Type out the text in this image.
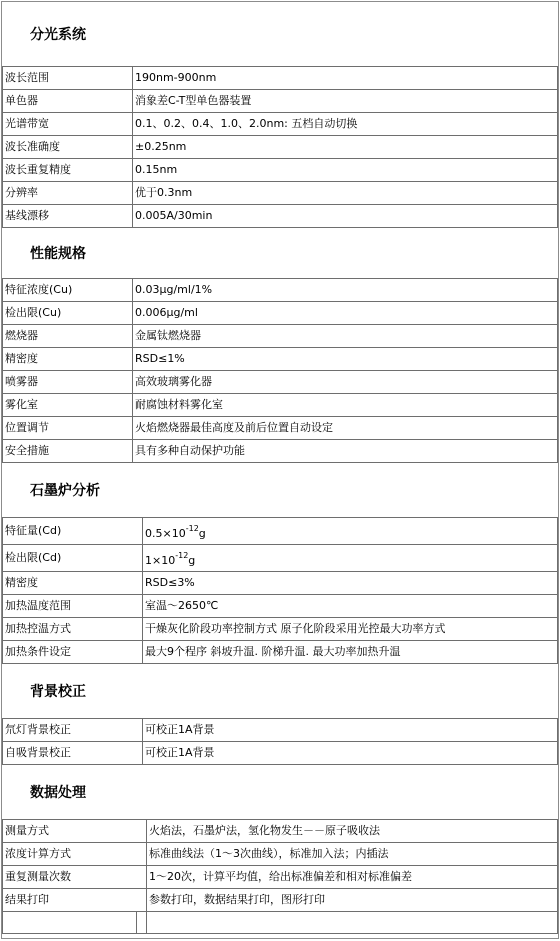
分光系统
波长范围	190nm-900nm
单色器	消象差C-T型单色器装置
光谱带宽	0.1、0.2、0.4、1.0、2.0nm: 五档自动切换
波长准确度	±0.25nm
波长重复精度	0.15nm
分辨率	优于0.3nm
基线漂移	0.005A/30min
性能规格
特征浓度(Cu)	0.03μg/ml/1%
检出限(Cu)	0.006μg/ml
燃烧器	金属钛燃烧器
精密度	RSD≤1%
喷雾器	高效玻璃雾化器
雾化室	耐腐蚀材料雾化室
位置调节	火焰燃烧器最佳高度及前后位置自动设定
安全措施	具有多种自动保护功能
石墨炉分析
特征量(Cd)	$0.5\times 10^{-12}g$
检出限(Cd)	$1\times 10^{-12}g$
精密度	RSD≤3%
加热温度范围	室温～2650℃
加热控温方式	干燥灰化阶段功率控制方式 原子化阶段采用光控最大功率方式
加热条件设定	最大9个程序 斜坡升温. 阶梯升温. 最大功率加热升温
背景校正
氘灯背景校正	可校正1A背景
自吸背景校正	可校正1A背景
数据处理
测量方式		火焰法，石墨炉法，氢化物发生－－原子吸收法
浓度计算方式		标准曲线法（1～3次曲线），标准加入法；内插法
重复测量次数		1～20次，计算平均值，给出标准偏差和相对标准偏差
结果打印		参数打印，数据结果打印，图形打印
